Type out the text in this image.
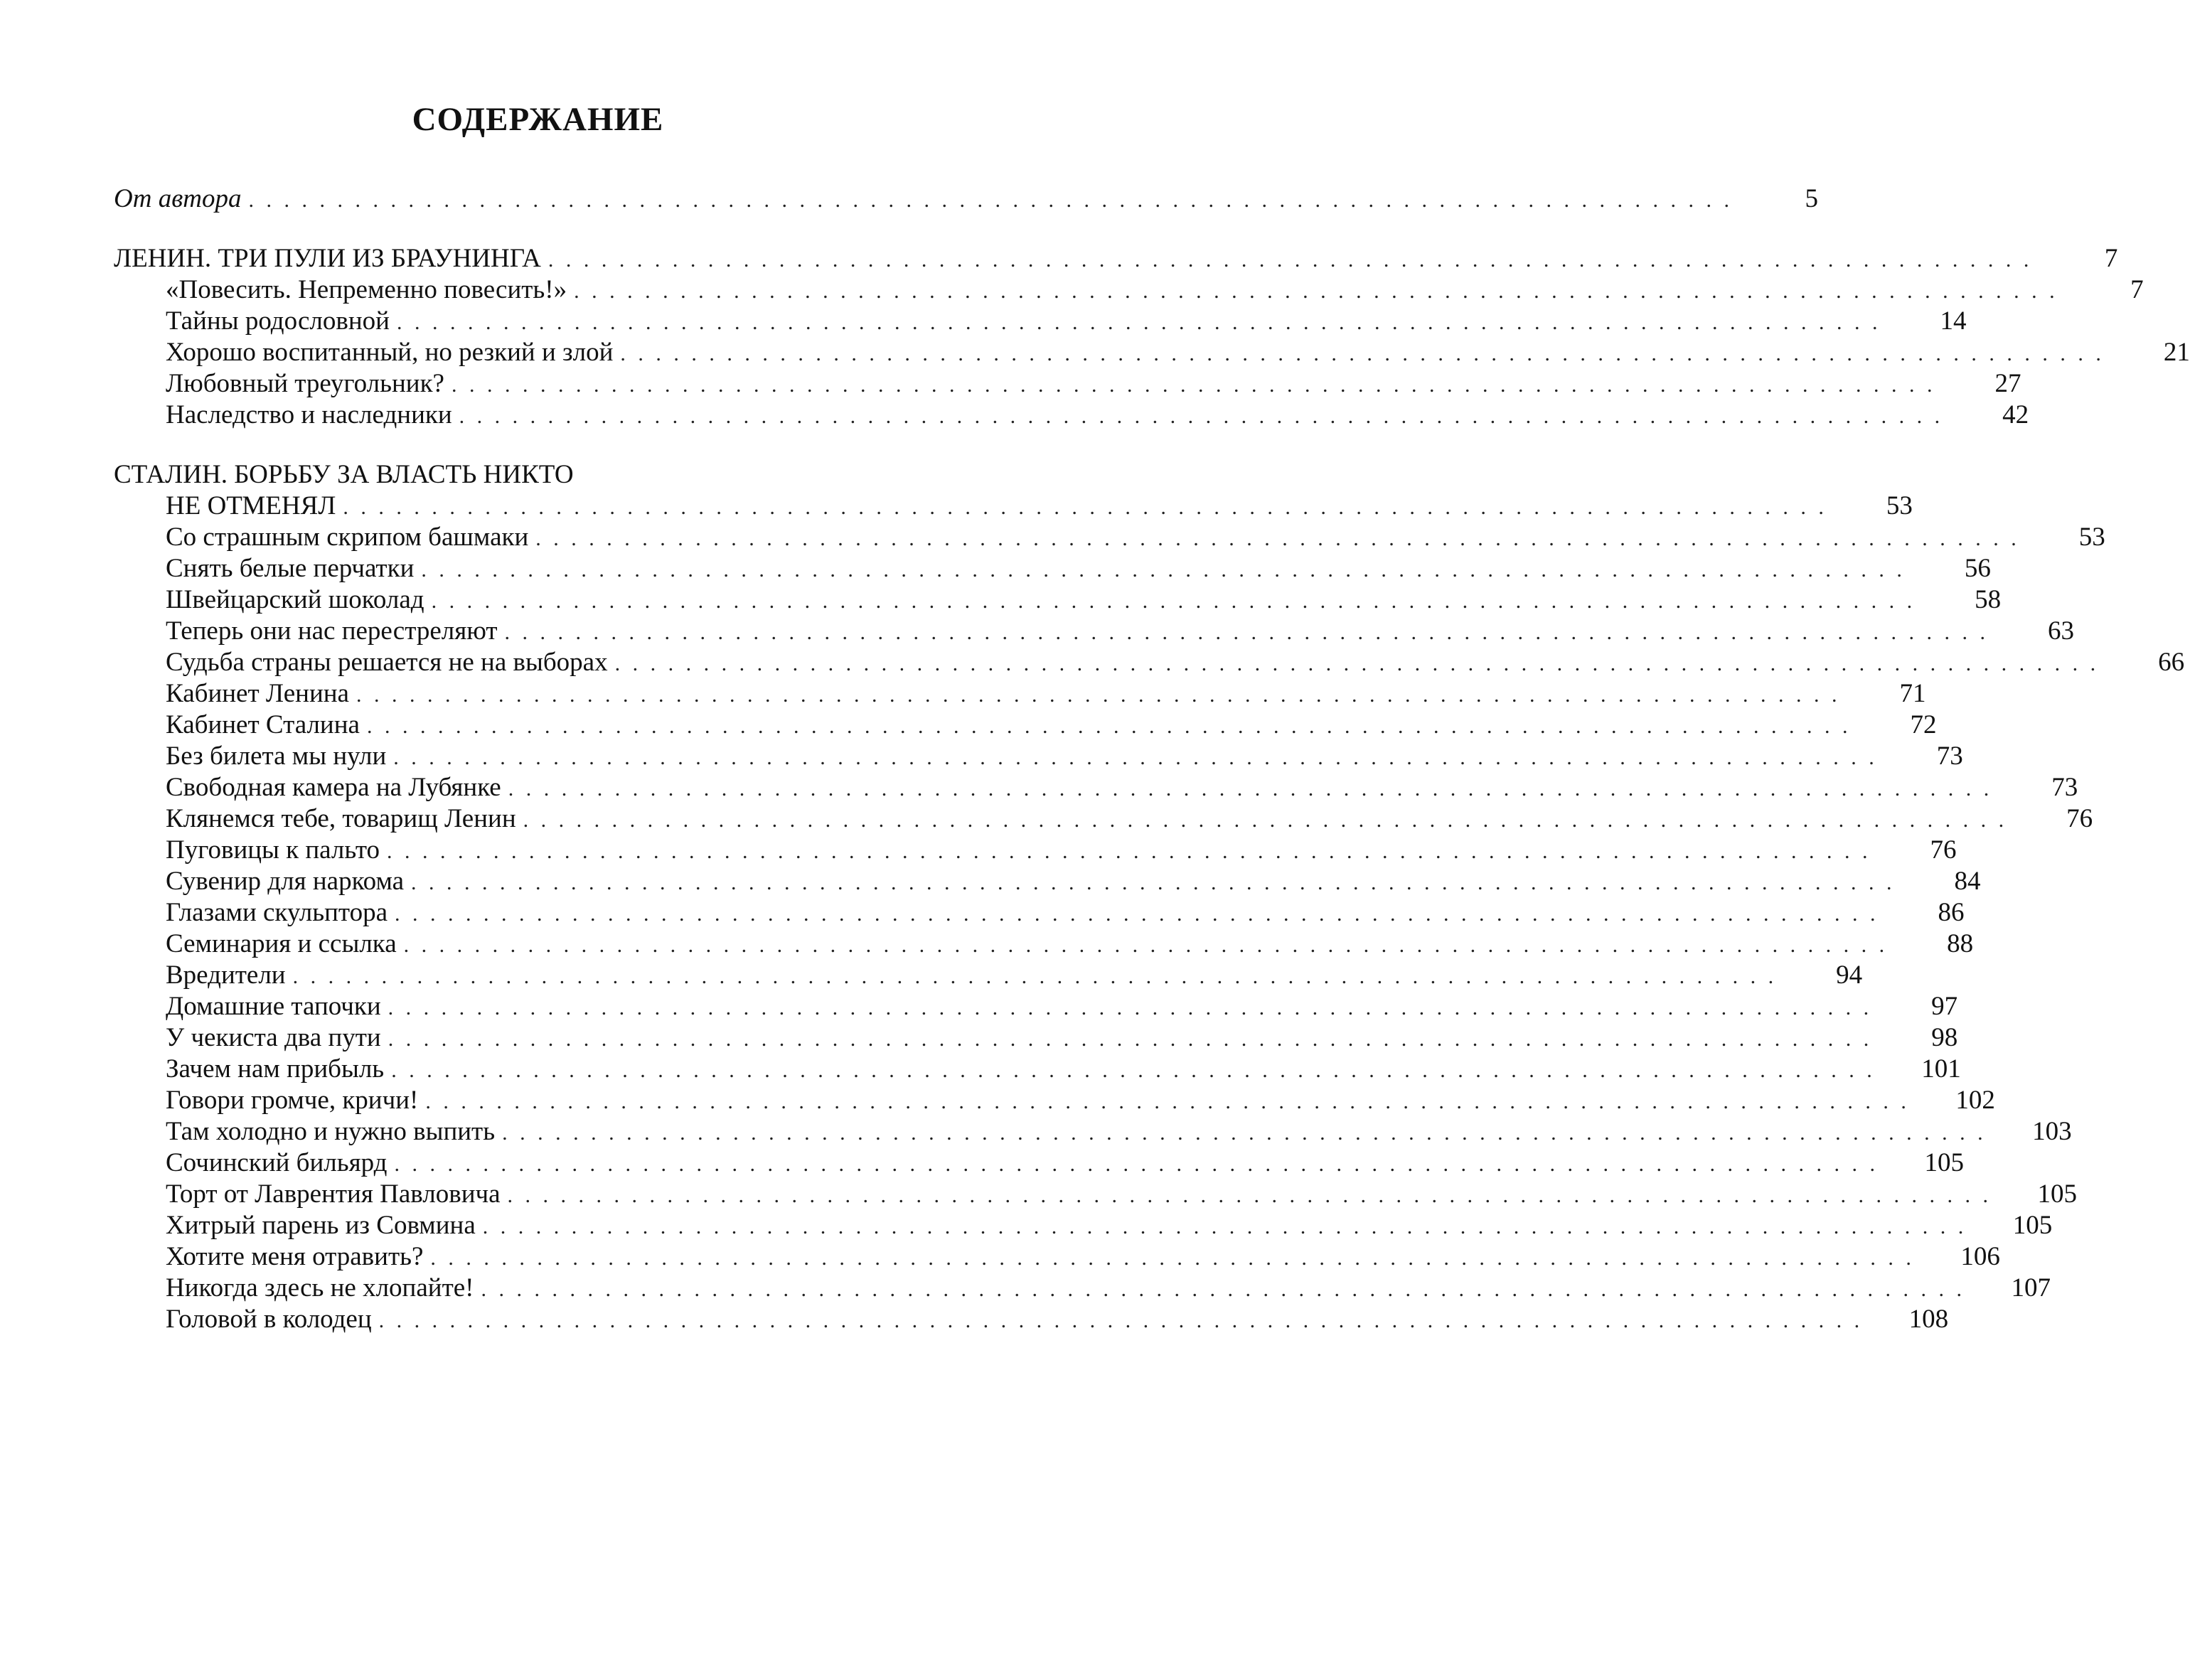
СОДЕРЖАНИЕ
От автора . . . . . . . . . . . . . . . . . . . . . . . . . . . . . . . . . . . . . . . . . . . . . . . . . . . . . . . . . . . . . . . . . . . . . . . . . . . . . . . . . . . .	5
ЛЕНИН. ТРИ ПУЛИ ИЗ БРАУНИНГА . . . . . . . . . . . . . . . . . . . . . . . . . . . . . . . . . . . . . . . . . . . . . . . . . . . . . . . . . . . . . . . . . . . . . . . . . . . . . . . . . . . .	7
«Повесить. Непременно повесить!» . . . . . . . . . . . . . . . . . . . . . . . . . . . . . . . . . . . . . . . . . . . . . . . . . . . . . . . . . . . . . . . . . . . . . . . . . . . . . . . . . . . .	7
Тайны родословной . . . . . . . . . . . . . . . . . . . . . . . . . . . . . . . . . . . . . . . . . . . . . . . . . . . . . . . . . . . . . . . . . . . . . . . . . . . . . . . . . . . .	14
Хорошо воспитанный, но резкий и злой . . . . . . . . . . . . . . . . . . . . . . . . . . . . . . . . . . . . . . . . . . . . . . . . . . . . . . . . . . . . . . . . . . . . . . . . . . . . . . . . . . . .	21
Любовный треугольник? . . . . . . . . . . . . . . . . . . . . . . . . . . . . . . . . . . . . . . . . . . . . . . . . . . . . . . . . . . . . . . . . . . . . . . . . . . . . . . . . . . . .	27
Наследство и наследники . . . . . . . . . . . . . . . . . . . . . . . . . . . . . . . . . . . . . . . . . . . . . . . . . . . . . . . . . . . . . . . . . . . . . . . . . . . . . . . . . . . .	42
СТАЛИН. БОРЬБУ ЗА ВЛАСТЬ НИКТО
НЕ ОТМЕНЯЛ . . . . . . . . . . . . . . . . . . . . . . . . . . . . . . . . . . . . . . . . . . . . . . . . . . . . . . . . . . . . . . . . . . . . . . . . . . . . . . . . . . . .	53
Со страшным скрипом башмаки . . . . . . . . . . . . . . . . . . . . . . . . . . . . . . . . . . . . . . . . . . . . . . . . . . . . . . . . . . . . . . . . . . . . . . . . . . . . . . . . . . . .	53
Снять белые перчатки . . . . . . . . . . . . . . . . . . . . . . . . . . . . . . . . . . . . . . . . . . . . . . . . . . . . . . . . . . . . . . . . . . . . . . . . . . . . . . . . . . . .	56
Швейцарский шоколад . . . . . . . . . . . . . . . . . . . . . . . . . . . . . . . . . . . . . . . . . . . . . . . . . . . . . . . . . . . . . . . . . . . . . . . . . . . . . . . . . . . .	58
Теперь они нас перестреляют . . . . . . . . . . . . . . . . . . . . . . . . . . . . . . . . . . . . . . . . . . . . . . . . . . . . . . . . . . . . . . . . . . . . . . . . . . . . . . . . . . . .	63
Судьба страны решается не на выборах . . . . . . . . . . . . . . . . . . . . . . . . . . . . . . . . . . . . . . . . . . . . . . . . . . . . . . . . . . . . . . . . . . . . . . . . . . . . . . . . . . . .	66
Кабинет Ленина . . . . . . . . . . . . . . . . . . . . . . . . . . . . . . . . . . . . . . . . . . . . . . . . . . . . . . . . . . . . . . . . . . . . . . . . . . . . . . . . . . . .	71
Кабинет Сталина . . . . . . . . . . . . . . . . . . . . . . . . . . . . . . . . . . . . . . . . . . . . . . . . . . . . . . . . . . . . . . . . . . . . . . . . . . . . . . . . . . . .	72
Без билета мы нули . . . . . . . . . . . . . . . . . . . . . . . . . . . . . . . . . . . . . . . . . . . . . . . . . . . . . . . . . . . . . . . . . . . . . . . . . . . . . . . . . . . .	73
Свободная камера на Лубянке . . . . . . . . . . . . . . . . . . . . . . . . . . . . . . . . . . . . . . . . . . . . . . . . . . . . . . . . . . . . . . . . . . . . . . . . . . . . . . . . . . . .	73
Клянемся тебе, товарищ Ленин . . . . . . . . . . . . . . . . . . . . . . . . . . . . . . . . . . . . . . . . . . . . . . . . . . . . . . . . . . . . . . . . . . . . . . . . . . . . . . . . . . . .	76
Пуговицы к пальто . . . . . . . . . . . . . . . . . . . . . . . . . . . . . . . . . . . . . . . . . . . . . . . . . . . . . . . . . . . . . . . . . . . . . . . . . . . . . . . . . . . .	76
Сувенир для наркома . . . . . . . . . . . . . . . . . . . . . . . . . . . . . . . . . . . . . . . . . . . . . . . . . . . . . . . . . . . . . . . . . . . . . . . . . . . . . . . . . . . .	84
Глазами скульптора . . . . . . . . . . . . . . . . . . . . . . . . . . . . . . . . . . . . . . . . . . . . . . . . . . . . . . . . . . . . . . . . . . . . . . . . . . . . . . . . . . . .	86
Семинария и ссылка . . . . . . . . . . . . . . . . . . . . . . . . . . . . . . . . . . . . . . . . . . . . . . . . . . . . . . . . . . . . . . . . . . . . . . . . . . . . . . . . . . . .	88
Вредители . . . . . . . . . . . . . . . . . . . . . . . . . . . . . . . . . . . . . . . . . . . . . . . . . . . . . . . . . . . . . . . . . . . . . . . . . . . . . . . . . . . .	94
Домашние тапочки . . . . . . . . . . . . . . . . . . . . . . . . . . . . . . . . . . . . . . . . . . . . . . . . . . . . . . . . . . . . . . . . . . . . . . . . . . . . . . . . . . . .	97
У чекиста два пути . . . . . . . . . . . . . . . . . . . . . . . . . . . . . . . . . . . . . . . . . . . . . . . . . . . . . . . . . . . . . . . . . . . . . . . . . . . . . . . . . . . .	98
Зачем нам прибыль . . . . . . . . . . . . . . . . . . . . . . . . . . . . . . . . . . . . . . . . . . . . . . . . . . . . . . . . . . . . . . . . . . . . . . . . . . . . . . . . . . . .	101
Говори громче, кричи! . . . . . . . . . . . . . . . . . . . . . . . . . . . . . . . . . . . . . . . . . . . . . . . . . . . . . . . . . . . . . . . . . . . . . . . . . . . . . . . . . . . .	102
Там холодно и нужно выпить . . . . . . . . . . . . . . . . . . . . . . . . . . . . . . . . . . . . . . . . . . . . . . . . . . . . . . . . . . . . . . . . . . . . . . . . . . . . . . . . . . . .	103
Сочинский бильярд . . . . . . . . . . . . . . . . . . . . . . . . . . . . . . . . . . . . . . . . . . . . . . . . . . . . . . . . . . . . . . . . . . . . . . . . . . . . . . . . . . . .	105
Торт от Лаврентия Павловича . . . . . . . . . . . . . . . . . . . . . . . . . . . . . . . . . . . . . . . . . . . . . . . . . . . . . . . . . . . . . . . . . . . . . . . . . . . . . . . . . . . .	105
Хитрый парень из Совмина . . . . . . . . . . . . . . . . . . . . . . . . . . . . . . . . . . . . . . . . . . . . . . . . . . . . . . . . . . . . . . . . . . . . . . . . . . . . . . . . . . . .	105
Хотите меня отравить? . . . . . . . . . . . . . . . . . . . . . . . . . . . . . . . . . . . . . . . . . . . . . . . . . . . . . . . . . . . . . . . . . . . . . . . . . . . . . . . . . . . .	106
Никогда здесь не хлопайте! . . . . . . . . . . . . . . . . . . . . . . . . . . . . . . . . . . . . . . . . . . . . . . . . . . . . . . . . . . . . . . . . . . . . . . . . . . . . . . . . . . . .	107
Головой в колодец . . . . . . . . . . . . . . . . . . . . . . . . . . . . . . . . . . . . . . . . . . . . . . . . . . . . . . . . . . . . . . . . . . . . . . . . . . . . . . . . . . . .	108
